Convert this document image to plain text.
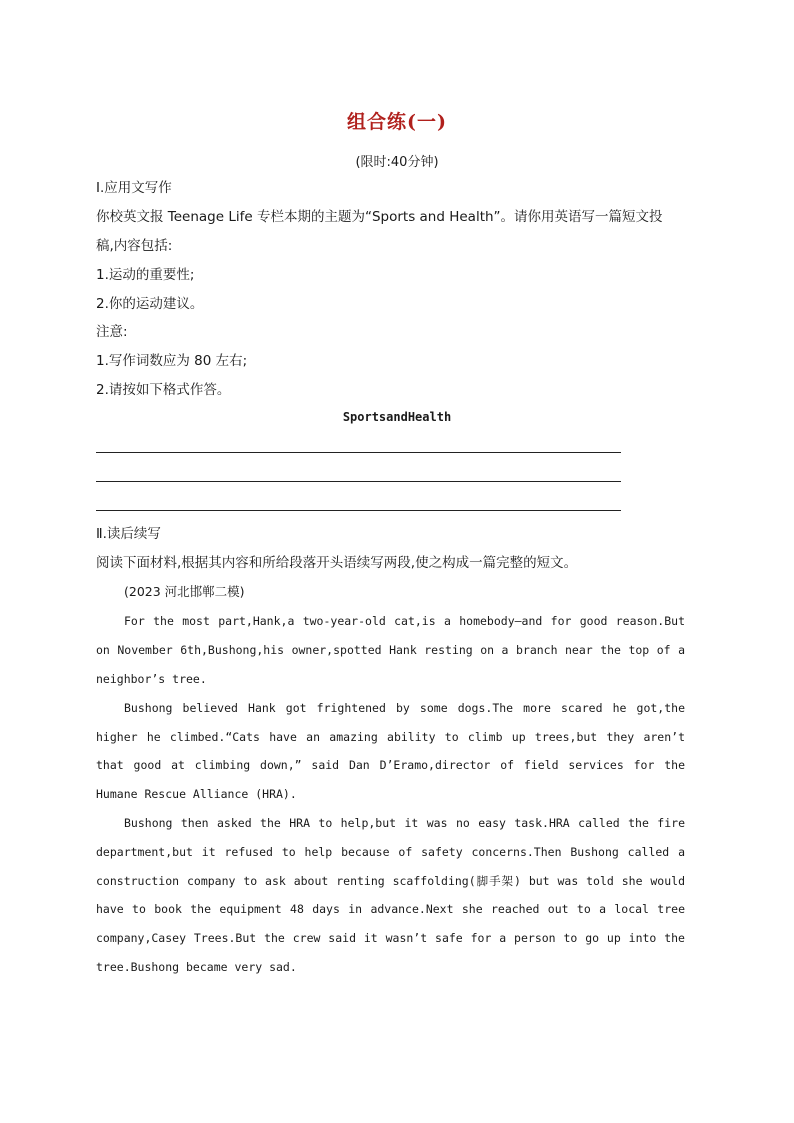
组合练(一)
(限时:40分钟)
Ⅰ.应用文写作
你校英文报 Teenage Life 专栏本期的主题为“Sports and Health”。请你用英语写一篇短文投
稿,内容包括:
1.运动的重要性;
2.你的运动建议。
注意:
1.写作词数应为 80 左右;
2.请按如下格式作答。
SportsandHealth
Ⅱ.读后续写
阅读下面材料,根据其内容和所给段落开头语续写两段,使之构成一篇完整的短文。
(2023 河北邯郸二模)
For the most part,Hank,a two-year-old cat,is a homebody—and for good reason.But
on November 6th,Bushong,his owner,spotted Hank resting on a branch near the top of a
neighbor’s tree.
Bushong believed Hank got frightened by some dogs.The more scared he got,the
higher he climbed.“Cats have an amazing ability to climb up trees,but they aren’t
that good at climbing down,” said Dan D’Eramo,director of field services for the
Humane Rescue Alliance (HRA).
Bushong then asked the HRA to help,but it was no easy task.HRA called the fire
department,but it refused to help because of safety concerns.Then Bushong called a
construction company to ask about renting scaffolding(脚手架) but was told she would
have to book the equipment 48 days in advance.Next she reached out to a local tree
company,Casey Trees.But the crew said it wasn’t safe for a person to go up into the
tree.Bushong became very sad.
